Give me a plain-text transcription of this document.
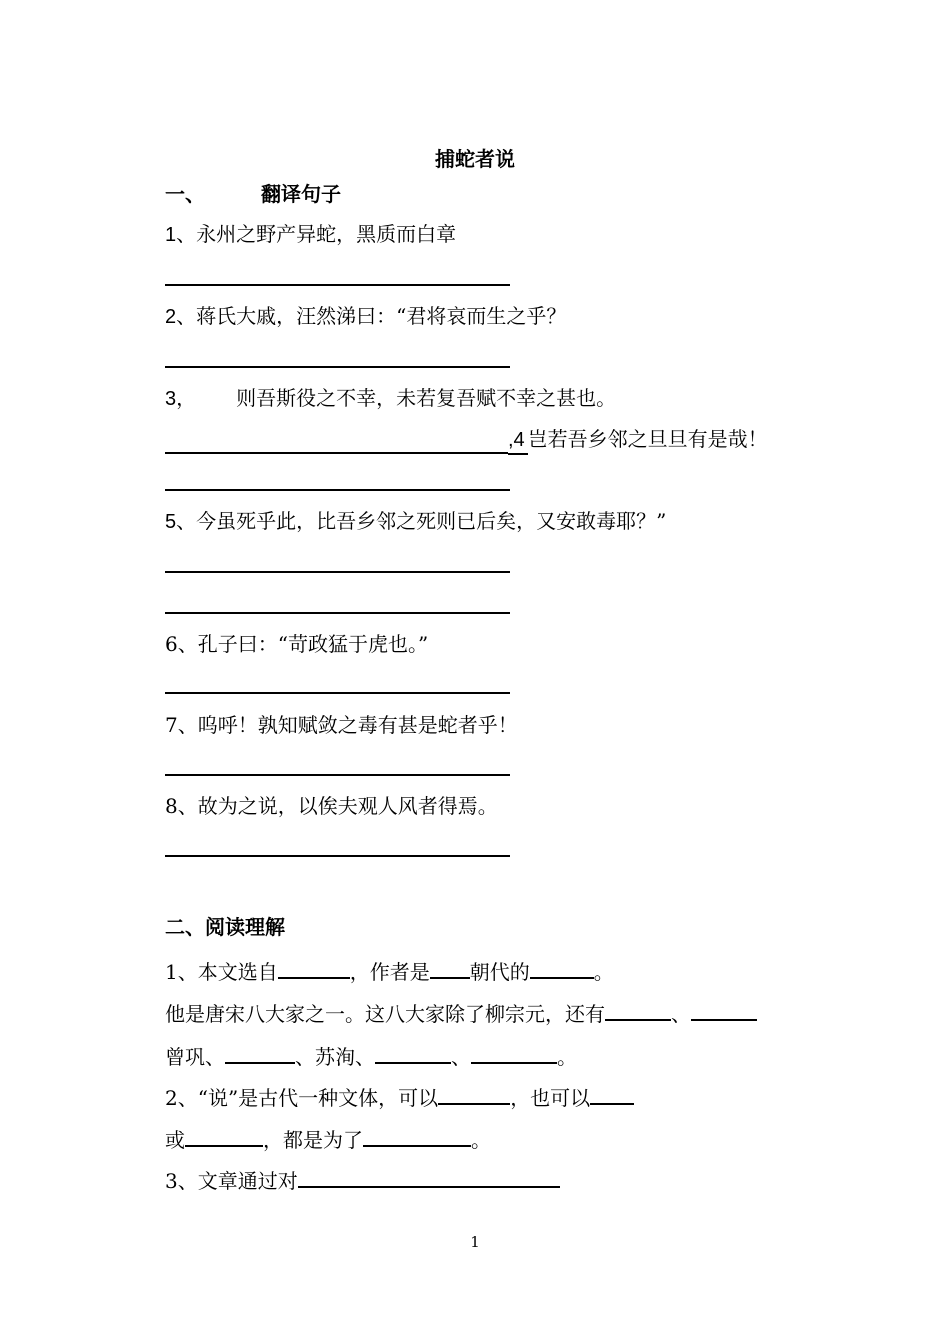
捕蛇者说
一、	翻译句子
1、永州之野产异蛇，黑质而白章
2、蒋氏大戚，汪然涕曰：“君将哀而生之乎？
3， 则吾斯役之不幸，未若复吾赋不幸之甚也。
,4 岂若吾乡邻之旦旦有是哉！
5、今虽死乎此，比吾乡邻之死则已后矣，又安敢毒耶？”
6、孔子曰：“苛政猛于虎也。”
7、呜呼！孰知赋敛之毒有甚是蛇者乎！
8、故为之说，以俟夫观人风者得焉。
二、阅读理解
1、本文选自	，作者是 朝代的	。
他是唐宋八大家之一。这八大家除了柳宗元，还有	、
曾巩、	、苏洵、	、	。
2、“说”是古代一种文体，可以	，也可以
或	，都是为了	。
3、文章通过对
1
